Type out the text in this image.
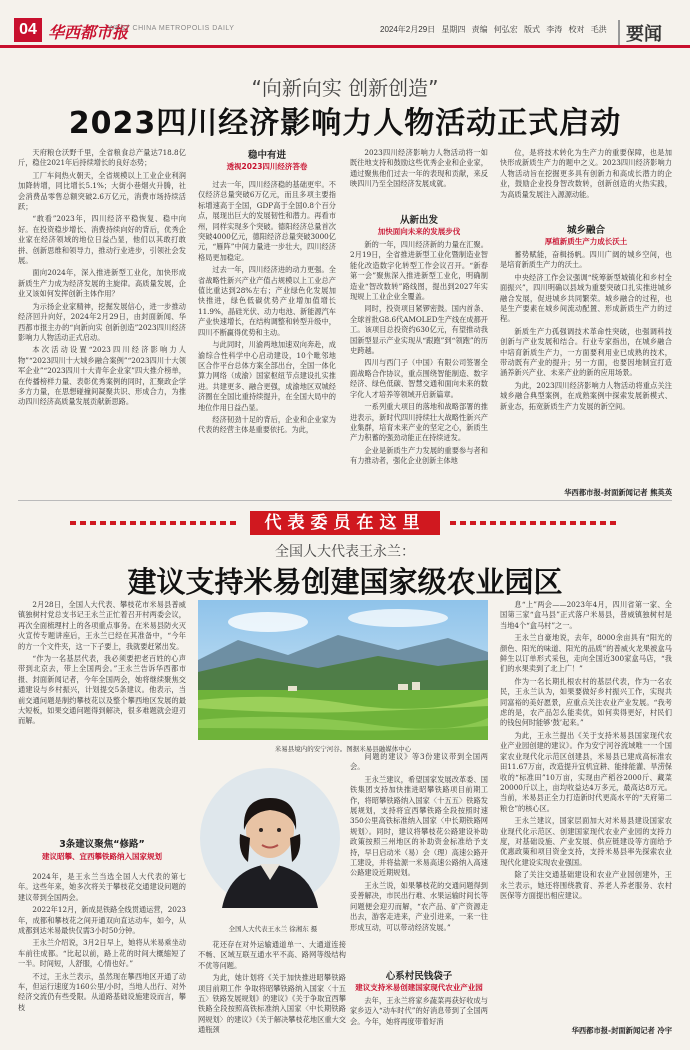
04 华西都市报
WEST CHINA METROPOLIS DAILY	2024年2月29日 星期四 责编 何弘宏 版式 李涛 校对 毛洪	要闻
“向新向实 创新创造”
2023四川经济影响力人物活动正式启动

天府粮仓沃野千里，全省粮食总产量达718.8亿斤，稳住2021年后持续增长的良好态势；

工厂车间热火朝天，全省规模以上工业企业利润加降转增，同比增长5.1%；大街小巷烟火升腾，社会消费品零售总额突破2.6万亿元，消费市场持续活跃；

“敢看”2023年，四川经济平稳恢复、稳中向好。在投资稳步增长、消费持续向好的背后，优秀企业家在经济领域的地位日益凸显，他们以其敢打敢拼、创新思维和领导力，推动行业进步，引领社会发展。

面向2024年，深入推进新型工业化，加快形成新质生产力成为经济发展的主旋律。高质量发展，企业又该如何发挥创新主体作用？

为示扬企业家精神，挖掘发展信心，进一步推动经济回升向好，2024年2月29日，由封面新闻、华西都市报主办的“向新向实 创新创造”2023四川经济影响力人物活动正式启动。

本次活动设置“2023四川经济影响力人物”“2023四川十大城乡融合案例”“2023四川十大领军企业”“2023四川十大青年企业家”四大推介榜单，在传播榜样力量、表彰优秀案例的同时，汇聚政企学多方力量，在思想碰撞间凝聚共识、形成合力，为推动四川经济高质量发展贡献新思路。

稳中有进
透视2023四川经济答卷

过去一年，四川经济稳的基础更牢。不仅经济总量突破6万亿元，而且多项主要指标增速高于全国，GDP高于全国0.8个百分点，展现出巨大的发展韧性和潜力。再看市州，同样实现多个突破。德阳经济总量首次突破4000亿元，德阳经济总量突破3000亿元，“雁阵”中间力量进一步壮大，四川经济格局更加稳定。

过去一年，四川经济进的动力更强。全省战略性新兴产业产值占规模以上工业总产值比重达到28%左右；产业绿色化发展加快推进，绿色低碳优势产业增加值增长11.9%，晶硅光伏、动力电池、新能源汽车产业快速增长，在结构调整和转型升级中，四川不断赢得优势和主动。

与此同时，川渝两地加速双向奔赴，成渝综合性科学中心启动建设，10个毗邻地区合作平台总体方案全部出台，全国一体化算力网络（成渝）国家枢纽节点建设扎实推进。共建更多、融合更强，成渝地区双城经济圈在全国比重持续提升，在全国大局中的地位作用日益凸显。

经济韧劲十足的背后，企业和企业家为代表的经营主体是重要依托。为此，

2023四川经济影响力人物活动将一如既往地支持和鼓励这些优秀企业和企业家，通过聚焦他们过去一年的表现和贡献，来反映四川乃至全国经济发展成就。

从新出发
加快面向未来的发展步伐

新的一年，四川经济新的力量在汇聚。2月19日，全省推进新型工业化暨制造业智能化改造数字化转型工作会议召开。“新春第一会”聚焦深入推进新型工业化，明确制造业“智改数转”路线图，提出到2027年实现规上工业企业全覆盖。

同时，投资项目紧锣密鼓。国内首条、全球首批G8.6代AMOLED生产线在成都开工。该项目总投资约630亿元，有望推动我国新型显示产业实现从“跟跑”到“领跑”的历史跨越。

四川与西门子（中国）有限公司签署全面战略合作协议，重点围绕智能制造、数字经济、绿色低碳、智慧交通和面向未来的数字化人才培养等领域开启新篇章。

一系列重大项目的落地和战略部署的推进表示，新时代四川持续壮大战略性新兴产业集群，培育未来产业的坚定之心，新质生产力积蓄的强劲动能正在持续迸发。

企业是新质生产力发展的重要参与者和有力推动者，强化企业创新主体地

位，是将技术转化为生产力的重要保障，也是加快形成新质生产力的题中之义。2023四川经济影响力人物活动旨在挖掘更多具有创新力和高成长潜力的企业，鼓励企业投身智改数转，创新创造的火热实践，为高质量发展注入源源动能。

城乡融合
厚植新质生产力成长沃土

蓄势赋能，奋楫扬帆。四川广阔的城乡空间，也是培育新质生产力的沃土。

中央经济工作会议强调“统筹新型城镇化和乡村全面振兴”，四川明确以县域为重要突破口扎实推进城乡融合发展，促进城乡共同繁荣。城乡融合的过程，也是生产要素在城乡间流动配置、形成新质生产力的过程。

新质生产力孤强调技术革命性突破，也强调科技创新与产业发展和结合。行业专家指出，在城乡融合中培育新质生产力，一方面要利用业已成熟的技术，带动既有产业的提升；另一方面，也要因地制宜打造涵养新兴产业、未来产业的新的应用场景。

为此，2023四川经济影响力人物活动将重点关注城乡融合典型案例，在成熟案例中探索发展新模式、新业态，拓宽新质生产力发展的新空间。

华西都市报-封面新闻记者 熊英英
代表委员在这里
全国人大代表王永兰：
建议支持米易创建国家级农业园区

2月28日，全国人大代表、攀枝花市米易县普威镇独树村党总支书记王永兰正忙着召开村两委会议，再次全面梳理村上的各项重点事务。在米易县防火灭火宣传专题讲座后，王永兰已经在其准备中，“今年的方一个文件夹，这一下子要上，我就要赶紧出发。

“作为一名基层代表，我必须要把老百姓的心声带到北京去，带上全国两会。”王永兰告诉华西都市报、封面新闻记者，今年全国两会，她将继续聚焦交通建设与乡村振兴，计划提交5条建议。他表示，当前交通问题是制约攀枝花以及整个攀西地区发展的最大短板，如果交通问题得到解决，很多难题就会迎刃而解。

3条建议聚焦“修路”
建议昭攀、宜西攀铁路纳入国家规划

2024年，是王永兰当选全国人大代表的第七年。这些年来，她多次将关于攀枝花交通建设问题的建议带到全国两会。

2022年12月，新成昆铁路全线贯通运营，2023年，成都和攀枝花之间开通双向直达动车，如今，从成都到达米易最快仅需3小时50分钟。

王永兰介绍说，3月2日早上，她将从米易乘坐动车前往成都。“比起以前，路上花的时间大概缩短了一半。时间短，人舒服，心情也好。”

不过，王永兰表示，虽然现在攀西地区开通了动车，但运行速度为160公里/小时，当地人出行、对外经济交流仍有些受限。从道路基础设施建设而言，攀枝

米易县境内的安宁河谷。图据米易县融媒体中心
全国人大代表王永兰 徐湘东 摄

花还存在对外运输通道单一、大通道连接不畅、区域互联互通水平不高、路网等级结构不优等问题。

为此，她计划将《关于加快推进昭攀铁路项目前期工作 争取将昭攀铁路纳入国家〈十五五〉铁路发展规划》的建议》《关于争取宜西攀铁路全段按照高铁标准纳入国家〈中长期铁路网规划〉的建议》《关于解决攀枝花地区重大交通瓶颈

问题的建议》等3份建议带到全国两会。

王永兰建议，希望国家发展改革委、国铁集团支持加快推进昭攀铁路项目前期工作，将昭攀铁路纳入国家〈十五五〉铁路发展规划，支持将宜西攀铁路全段按照时速350公里高铁标准纳入国家〈中长期铁路网规划〉。同时，建议将攀枝花公路建设补助政策按照三州地区的补助资金标准给予支持，早日启动米（易）会（理）高速公路开工建设，并将盐源一米易高速公路纳入高速公路建设近期规划。

王永兰说，如果攀枝花的交通问题得到妥善解决，市民出行难、水果运输时间长等问题便会迎刃而解，“农产品、矿产资源走出去，游客走进来，产业引进来，一来一往形成互动，可以带动经济发展。”

心系村民钱袋子
建议支持米易创建国家现代农业产业园

去年，王永兰将家乡蔬菜再获好收成与家乡迈入“动车时代”的好消息带到了全国两会。今年，她将再度带着好消

息“上”两会——2023年4月，四川省第一家、全国第三家“盒马县”正式落户米易县，普威镇独树村是当地4个“盒马村”之一。

王永兰自豪地说，去年，8000余亩具有“阳光的颜色、阳光的味道、阳光的品质”的普威火龙果被盒马鲜生以订单形式采包，走向全国近300家盒马店，“我们的水果卖到了北上广！”

作为一名长期扎根农村的基层代表，作为一名农民，王永兰认为，如果要做好乡村振兴工作，实现共同富裕的美好愿景，应重点关注农业产业发展。“我考虑的是，农产品怎么能卖优，如何卖得更好，村民们的钱包何时能够‘鼓’起来。”

为此，王永兰提出《关于支持米易县国家现代农业产业园创建的建议》。作为安宁河谷流域唯一一个国家农业现代化示范区创建县，米易县已建成高标准农田11.67万亩，改造提升宜机宜耕、能排能灌、旱涝保收的“标准田”10万亩，实现由产稻谷2000斤、藏菜20000斤以上，亩均收益达4万多元，最高达8万元。当前，米易县正全力打造新时代更高水平的“天府第二粮仓”的核心区。

王永兰建议，国家层面加大对米易县建设国家农业现代化示范区、创建国家现代农业产业园的支持力度，对基础设施、产业发展、供应链建设等方面给予优惠政策和项目资金支持，支持米易县率先探索农业现代化建设实现农业强国。

除了关注交通基础建设和农业产业园创建外，王永兰表示，她还将围绕教育、养老人养老服务、农村医保等方面提出相应建议。

华西都市报-封面新闻记者 冷宇
